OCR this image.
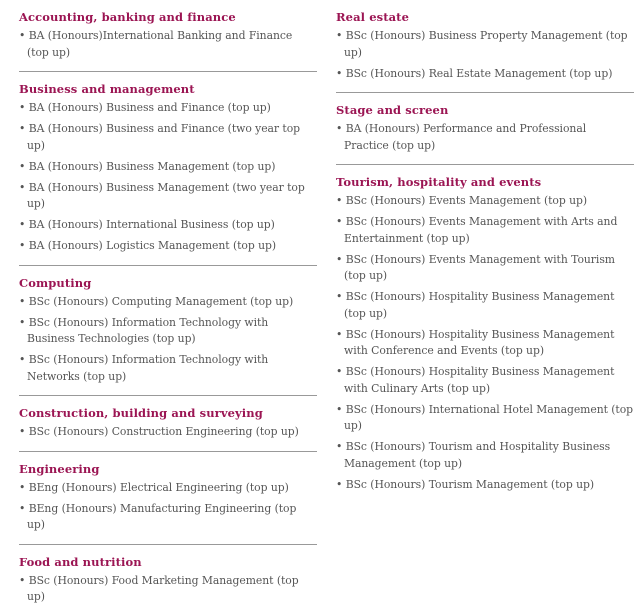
Accounting, banking and finance
• BA (Honours)International Banking and Finance (top up)
Business and management
• BA (Honours) Business and Finance (top up)
• BA (Honours) Business and Finance (two year top up)
• BA (Honours) Business Management (top up)
• BA (Honours) Business Management (two year top up)
• BA (Honours) International Business (top up)
• BA (Honours) Logistics Management (top up)
Computing
• BSc (Honours) Computing Management (top up)
• BSc (Honours) Information Technology with Business Technologies (top up)
• BSc (Honours) Information Technology with Networks (top up)
Construction, building and surveying
• BSc (Honours) Construction Engineering (top up)
Engineering
• BEng (Honours) Electrical Engineering (top up)
• BEng (Honours) Manufacturing Engineering (top up)
Food and nutrition
• BSc (Honours) Food Marketing Management (top up)
Real estate
• BSc (Honours) Business Property Management (top up)
• BSc (Honours) Real Estate Management (top up)
Stage and screen
• BA (Honours) Performance and Professional Practice (top up)
Tourism, hospitality and events
• BSc (Honours) Events Management (top up)
• BSc (Honours) Events Management with Arts and Entertainment (top up)
• BSc (Honours) Events Management with Tourism (top up)
• BSc (Honours) Hospitality Business Management (top up)
• BSc (Honours) Hospitality Business Management with Conference and Events (top up)
• BSc (Honours) Hospitality Business Management with Culinary Arts (top up)
• BSc (Honours) International Hotel Management (top up)
• BSc (Honours) Tourism and Hospitality Business Management (top up)
• BSc (Honours) Tourism Management (top up)
